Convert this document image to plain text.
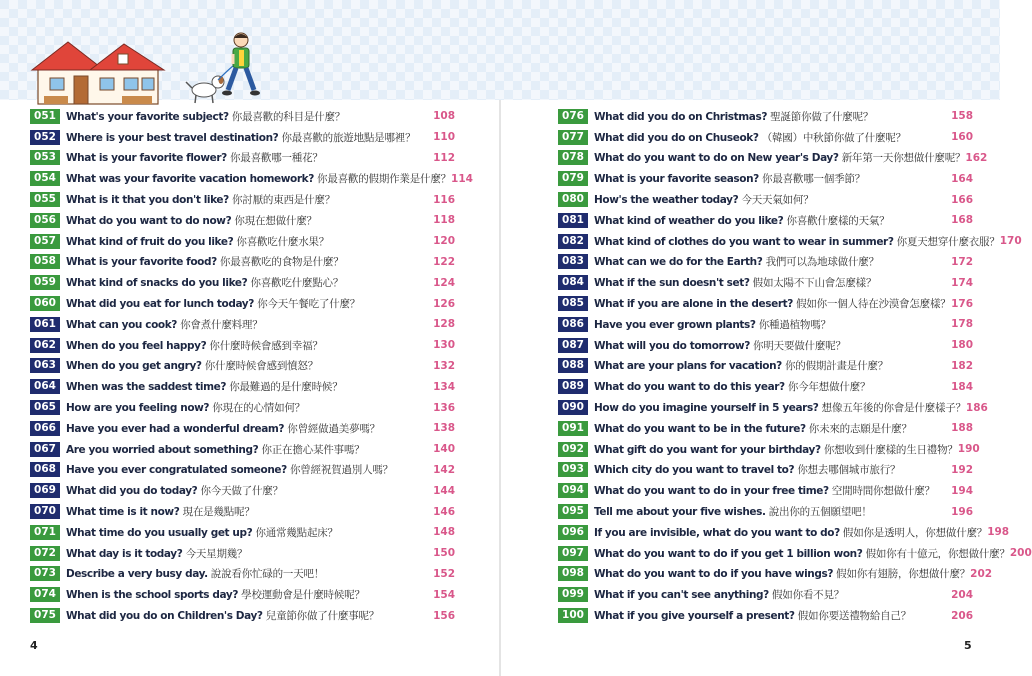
051 What's your favorite subject? 你最喜歡的科目是什麼？	108
052 Where is your best travel destination? 你最喜歡的旅遊地點是哪裡？	110
053 What is your favorite flower? 你最喜歡哪一種花？	112
054 What was your favorite vacation homework? 你最喜歡的假期作業是什麼？ 114
055 What is it that you don't like? 你討厭的東西是什麼？	116
056 What do you want to do now? 你現在想做什麼？	118
057 What kind of fruit do you like? 你喜歡吃什麼水果？	120
058 What is your favorite food? 你最喜歡吃的食物是什麼？	122
059 What kind of snacks do you like? 你喜歡吃什麼點心？	124
060 What did you eat for lunch today? 你今天午餐吃了什麼？	126
061 What can you cook? 你會煮什麼料理？	128
062 When do you feel happy? 你什麼時候會感到幸福？	130
063 When do you get angry? 你什麼時候會感到憤怒？	132
064 When was the saddest time? 你最難過的是什麼時候？	134
065 How are you feeling now? 你現在的心情如何？	136
066 Have you ever had a wonderful dream? 你曾經做過美夢嗎？	138
067 Are you worried about something? 你正在擔心某件事嗎？	140
068 Have you ever congratulated someone? 你曾經祝賀過別人嗎？	142
069 What did you do today? 你今天做了什麼？	144
070 What time is it now? 現在是幾點呢？	146
071 What time do you usually get up? 你通常幾點起床？	148
072 What day is it today? 今天星期幾？	150
073 Describe a very busy day. 說說看你忙碌的一天吧！	152
074 When is the school sports day? 學校運動會是什麼時候呢？	154
075 What did you do on Children's Day? 兒童節你做了什麼事呢？	156
076 What did you do on Christmas? 聖誕節你做了什麼呢？	158
077 What did you do on Chuseok? （韓國）中秋節你做了什麼呢？	160
078 What do you want to do on New year's Day? 新年第一天你想做什麼呢？ 162
079 What is your favorite season? 你最喜歡哪一個季節？	164
080 How's the weather today? 今天天氣如何？	166
081 What kind of weather do you like? 你喜歡什麼樣的天氣？	168
082 What kind of clothes do you want to wear in summer? 你夏天想穿什麼衣服？ 170
083 What can we do for the Earth? 我們可以為地球做什麼？	172
084 What if the sun doesn't set? 假如太陽不下山會怎麼樣？	174
085 What if you are alone in the desert? 假如你一個人待在沙漠會怎麼樣？ 176
086 Have you ever grown plants? 你種過植物嗎？	178
087 What will you do tomorrow? 你明天要做什麼呢？	180
088 What are your plans for vacation? 你的假期計畫是什麼？	182
089 What do you want to do this year? 你今年想做什麼？	184
090 How do you imagine yourself in 5 years? 想像五年後的你會是什麼樣子？ 186
091 What do you want to be in the future? 你未來的志願是什麼？	188
092 What gift do you want for your birthday? 你想收到什麼樣的生日禮物？ 190
093 Which city do you want to travel to? 你想去哪個城市旅行？	192
094 What do you want to do in your free time? 空閒時間你想做什麼？	194
095 Tell me about your five wishes. 說出你的五個願望吧！	196
096 If you are invisible, what do you want to do? 假如你是透明人，你想做什麼？ 198
097 What do you want to do if you get 1 billion won? 假如你有十億元，你想做什麼？ 200
098 What do you want to do if you have wings? 假如你有翅膀，你想做什麼？ 202
099 What if you can't see anything? 假如你看不見？	204
100 What if you give yourself a present? 假如你要送禮物給自己？	206
4	5
